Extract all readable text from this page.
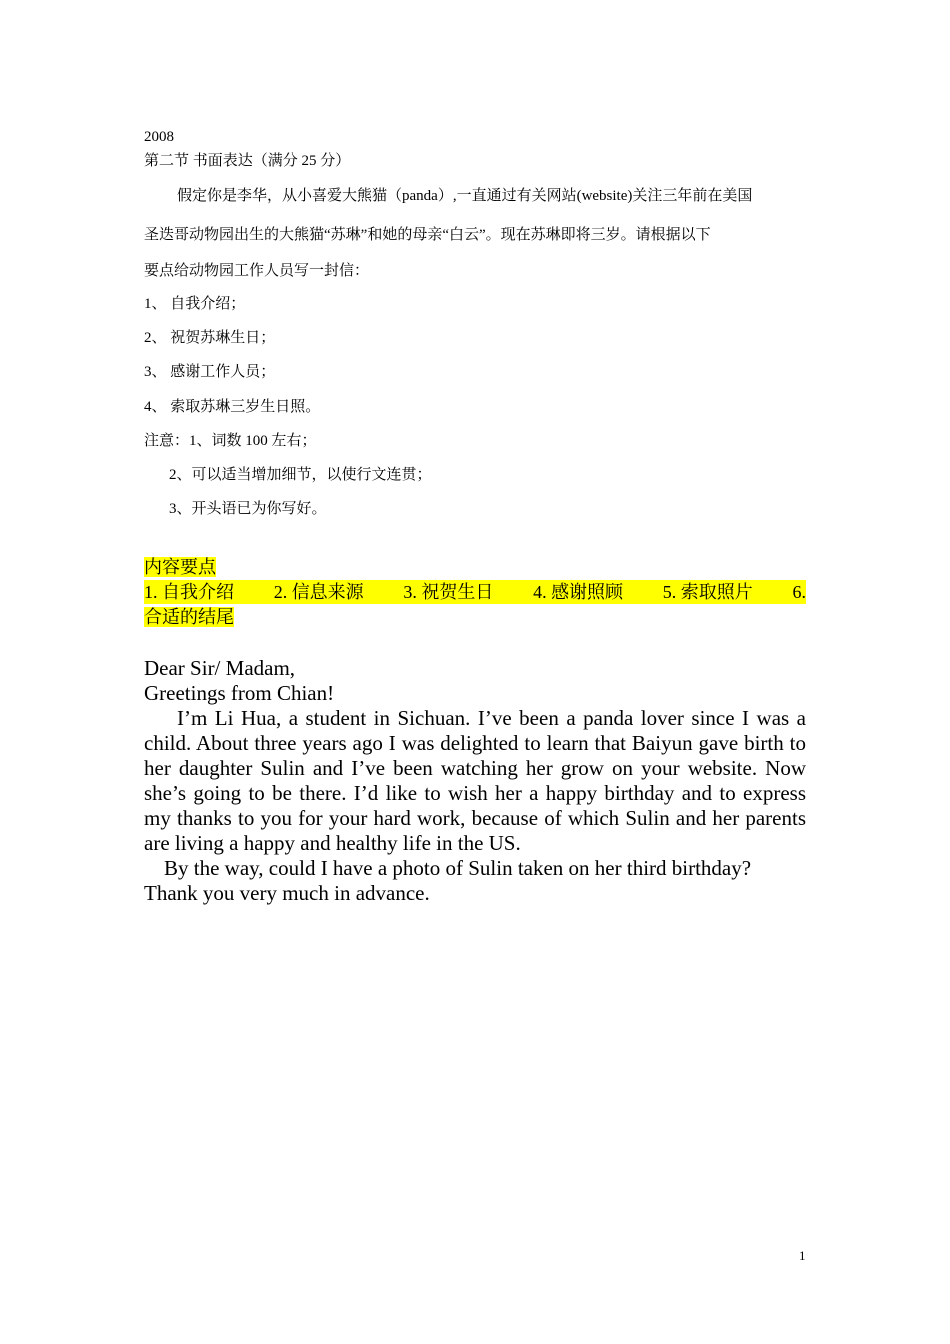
2008
第二节 书面表达（满分 25 分）
假定你是李华，从小喜爱大熊猫（panda）,一直通过有关网站(website)关注三年前在美国
圣迭哥动物园出生的大熊猫“苏琳”和她的母亲“白云”。现在苏琳即将三岁。请根据以下
要点给动物园工作人员写一封信：
1、 自我介绍；
2、 祝贺苏琳生日；
3、 感谢工作人员；
4、 索取苏琳三岁生日照。
注意：1、词数 100 左右；
2、可以适当增加细节，以使行文连贯；
3、开头语已为你写好。
内容要点
1. 自我介绍 2. 信息来源 3. 祝贺生日 4. 感谢照顾 5. 索取照片 6.
合适的结尾

Dear Sir/ Madam,

Greetings from Chian!

I’m Li Hua, a student in Sichuan. I’ve been a panda lover since I was a child. About three years ago I was delighted to learn that Baiyun gave birth to her daughter Sulin and I’ve been watching her grow on your website. Now she’s going to be there. I’d like to wish her a happy birthday and to express my thanks to you for your hard work, because of which Sulin and her parents are living a happy and healthy life in the US.

By the way, could I have a photo of Sulin taken on her third birthday? Thank you very much in advance.

1
